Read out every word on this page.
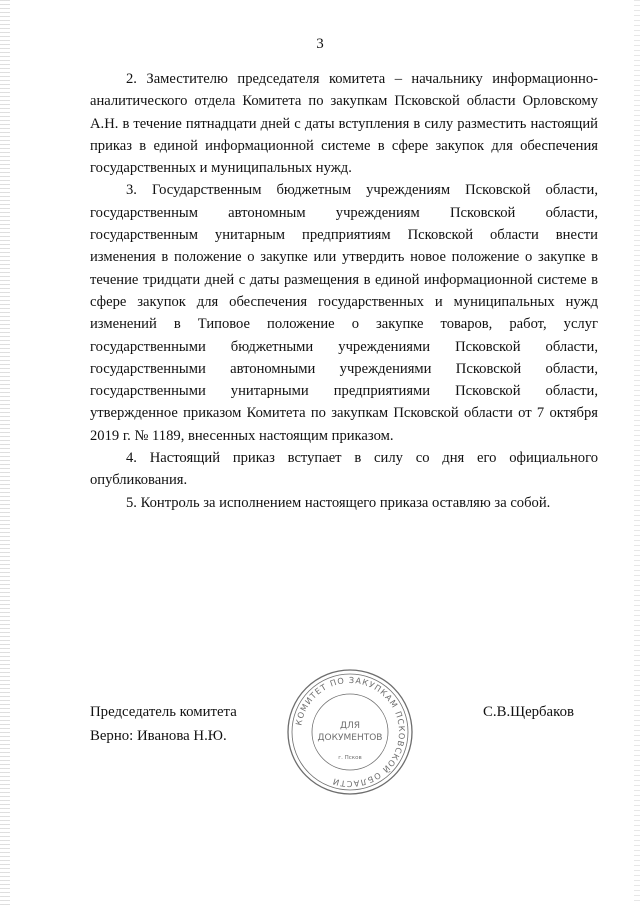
3

2. Заместителю председателя комитета – начальнику информационно-аналитического отдела Комитета по закупкам Псковской области Орловскому А.Н. в течение пятнадцати дней с даты вступления в силу разместить настоящий приказ в единой информационной системе в сфере закупок для обеспечения государственных и муниципальных нужд.

3. Государственным бюджетным учреждениям Псковской области, государственным автономным учреждениям Псковской области, государственным унитарным предприятиям Псковской области внести изменения в положение о закупке или утвердить новое положение о закупке в течение тридцати дней с даты размещения в единой информационной системе в сфере закупок для обеспечения государственных и муниципальных нужд изменений в Типовое положение о закупке товаров, работ, услуг государственными бюджетными учреждениями Псковской области, государственными автономными учреждениями Псковской области, государственными унитарными предприятиями Псковской области, утвержденное приказом Комитета по закупкам Псковской области от 7 октября 2019 г. № 1189, внесенных настоящим приказом.

4. Настоящий приказ вступает в силу со дня его официального опубликования.

5. Контроль за исполнением настоящего приказа оставляю за собой.

Председатель комитета
Верно: Иванова Н.Ю.
С.В.Щербаков
КОМИТЕТ ПО ЗАКУПКАМ ПСКОВСКОЙ ОБЛАСТИ
ДЛЯ
ДОКУМЕНТОВ
г. Псков
